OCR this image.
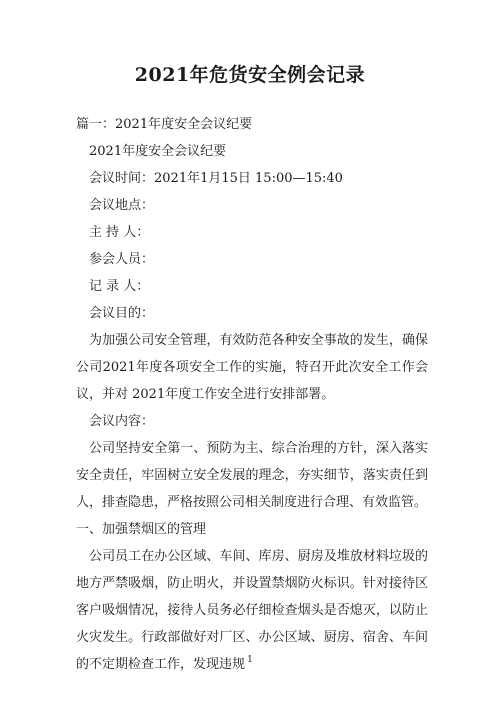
2021年危货安全例会记录
篇一：2021年度安全会议纪要
2021年度安全会议纪要
会议时间：2021年1月15日 15:00—15:40
会议地点：
主 持 人：
参会人员：
记 录 人：
会议目的：
为加强公司安全管理，有效防范各种安全事故的发生，确保公司2021年度各项安全工作的实施，特召开此次安全工作会议，并对 2021年度工作安全进行安排部署。
会议内容：
公司坚持安全第一、预防为主、综合治理的方针，深入落实安全责任，牢固树立安全发展的理念，夯实细节，落实责任到人，排查隐患，严格按照公司相关制度进行合理、有效监管。
一、加强禁烟区的管理
公司员工在办公区域、车间、库房、厨房及堆放材料垃圾的地方严禁吸烟，防止明火，并设置禁烟防火标识。针对接待区客户吸烟情况，接待人员务必仔细检查烟头是否熄灭，以防止火灾发生。行政部做好对厂区、办公区域、厨房、宿舍、车间的不定期检查工作，发现违规 1
